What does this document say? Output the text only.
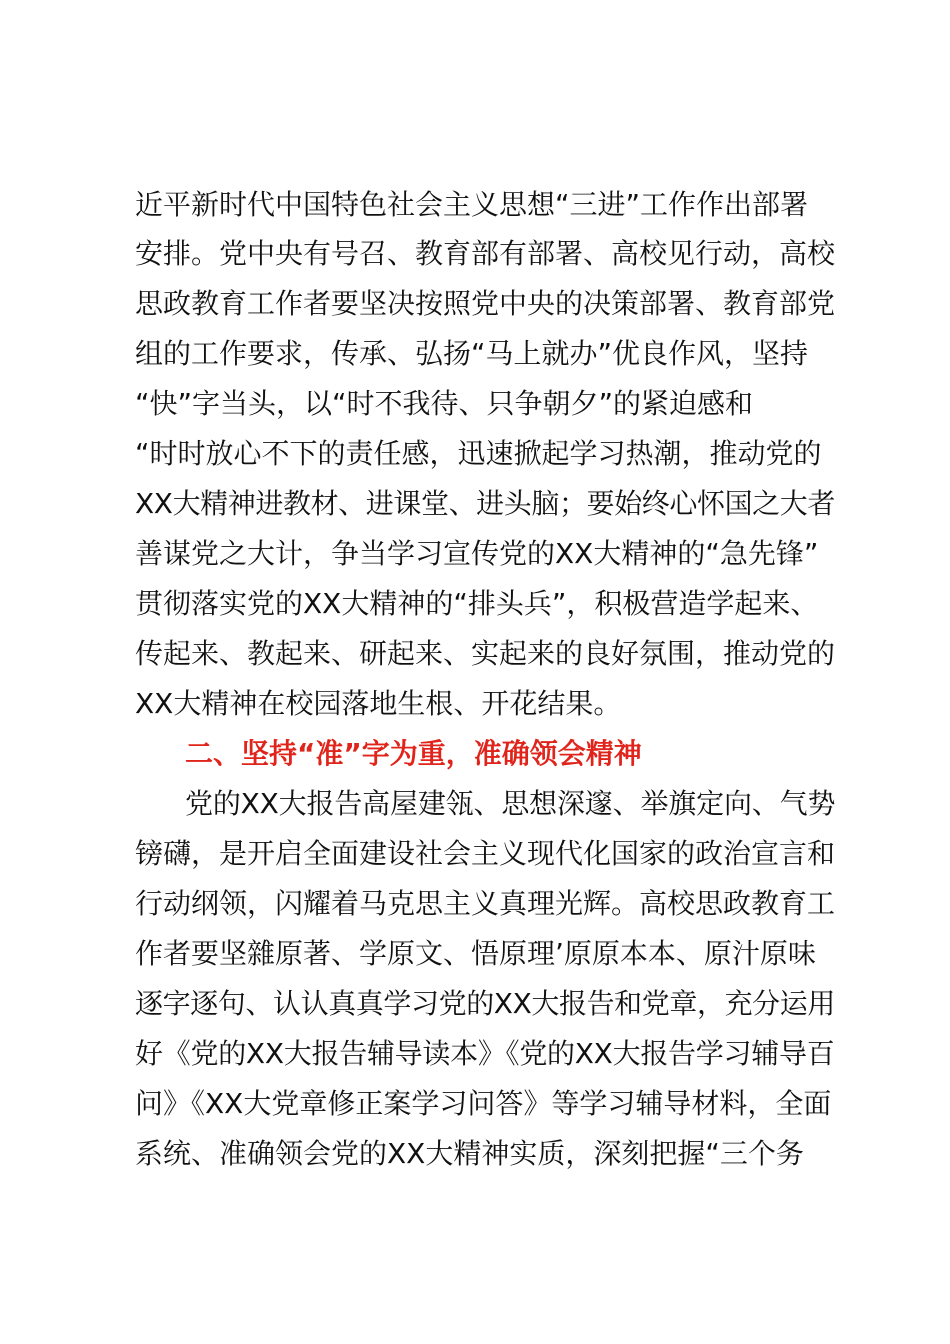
近平新时代中国特色社会主义思想“三进”工作作出部署
安排。党中央有号召、教育部有部署、高校见行动，高校
思政教育工作者要坚决按照党中央的决策部署、教育部党
组的工作要求，传承、弘扬“马上就办”优良作风，坚持
“快”字当头，以“时不我待、只争朝夕”的紧迫感和
“时时放心不下的责任感，迅速掀起学习热潮，推动党的
XX大精神进教材、进课堂、进头脑；要始终心怀国之大者
善谋党之大计，争当学习宣传党的XX大精神的“急先锋”
贯彻落实党的XX大精神的“排头兵”，积极营造学起来、
传起来、教起来、研起来、实起来的良好氛围，推动党的
XX大精神在校园落地生根、开花结果。
二、坚持“准”字为重，准确领会精神
党的XX大报告高屋建瓴、思想深邃、举旗定向、气势
镑礴，是开启全面建设社会主义现代化国家的政治宣言和
行动纲领，闪耀着马克思主义真理光辉。高校思政教育工
作者要坚雜原著、学原文、悟原理’原原本本、原汁原味
逐字逐句、认认真真学习党的XX大报告和党章，充分运用
好《党的XX大报告辅导读本》《党的XX大报告学习辅导百
问》《XX大党章修正案学习问答》等学习辅导材料，全面
系统、准确领会党的XX大精神实质，深刻把握“三个务
